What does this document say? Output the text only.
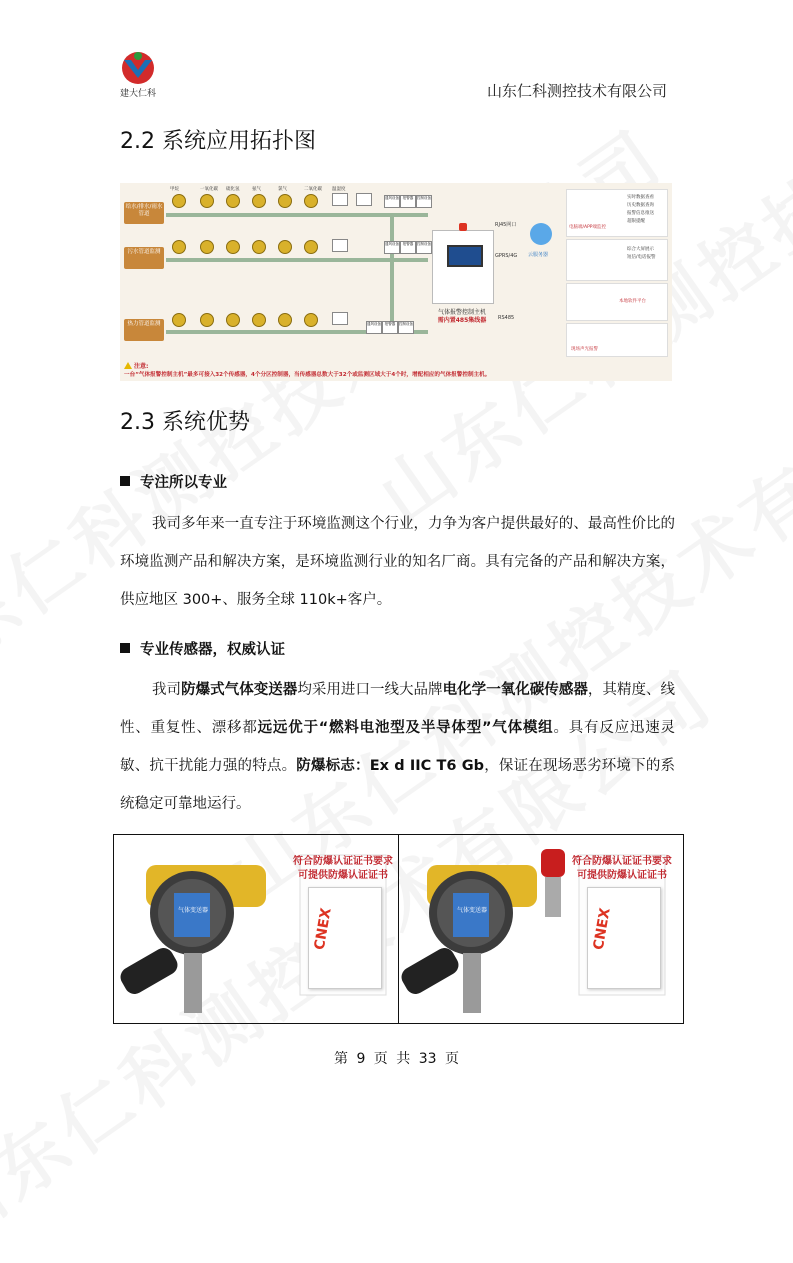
建大仁科	山东仁科测控技术有限公司
2.2 系统应用拓扑图
给水/排水/雨水管道
污水管道监测
热力管道监测
甲烷	一氧化碳 硫化氢	氨气	氯气	二氧化碳 温湿度
通风设备	报警器	控制设备
通风设备	报警器	控制设备
通风设备	报警器	控制设备
气体报警控制主机
需内置485集线器
RJ45网口
GPRS/4G
RS485
云服务器
电脑端/APP端监控
实时数据查看
历史数据查询
报警信息推送
超限提醒
综合大屏展示
短信/电话报警
本地软件平台
现场声光报警
注意:
一台“气体报警控制主机”最多可接入32个传感器，4个分区控制器，当传感器总数大于32个或监测区域大于4个时，增配相应的气体报警控制主机。
2.3 系统优势
专注所以专业

我司多年来一直专注于环境监测这个行业，力争为客户提供最好的、最高性价比的环境监测产品和解决方案，是环境监测行业的知名厂商。具有完备的产品和解决方案，供应地区 300+、服务全球 110k+客户。

专业传感器，权威认证

我司防爆式气体变送器均采用进口一线大品牌电化学一氧化碳传感器，其精度、线性、重复性、漂移都远远优于“燃料电池型及半导体型”气体模组。具有反应迅速灵敏、抗干扰能力强的特点。防爆标志：Ex d IIC T6 Gb，保证在现场恶劣环境下的系统稳定可靠地运行。

气体变送器
符合防爆认证证书要求
可提供防爆认证证书
CNEX	气体变送器
符合防爆认证证书要求
可提供防爆认证证书
CNEX
第 9 页 共 33 页
